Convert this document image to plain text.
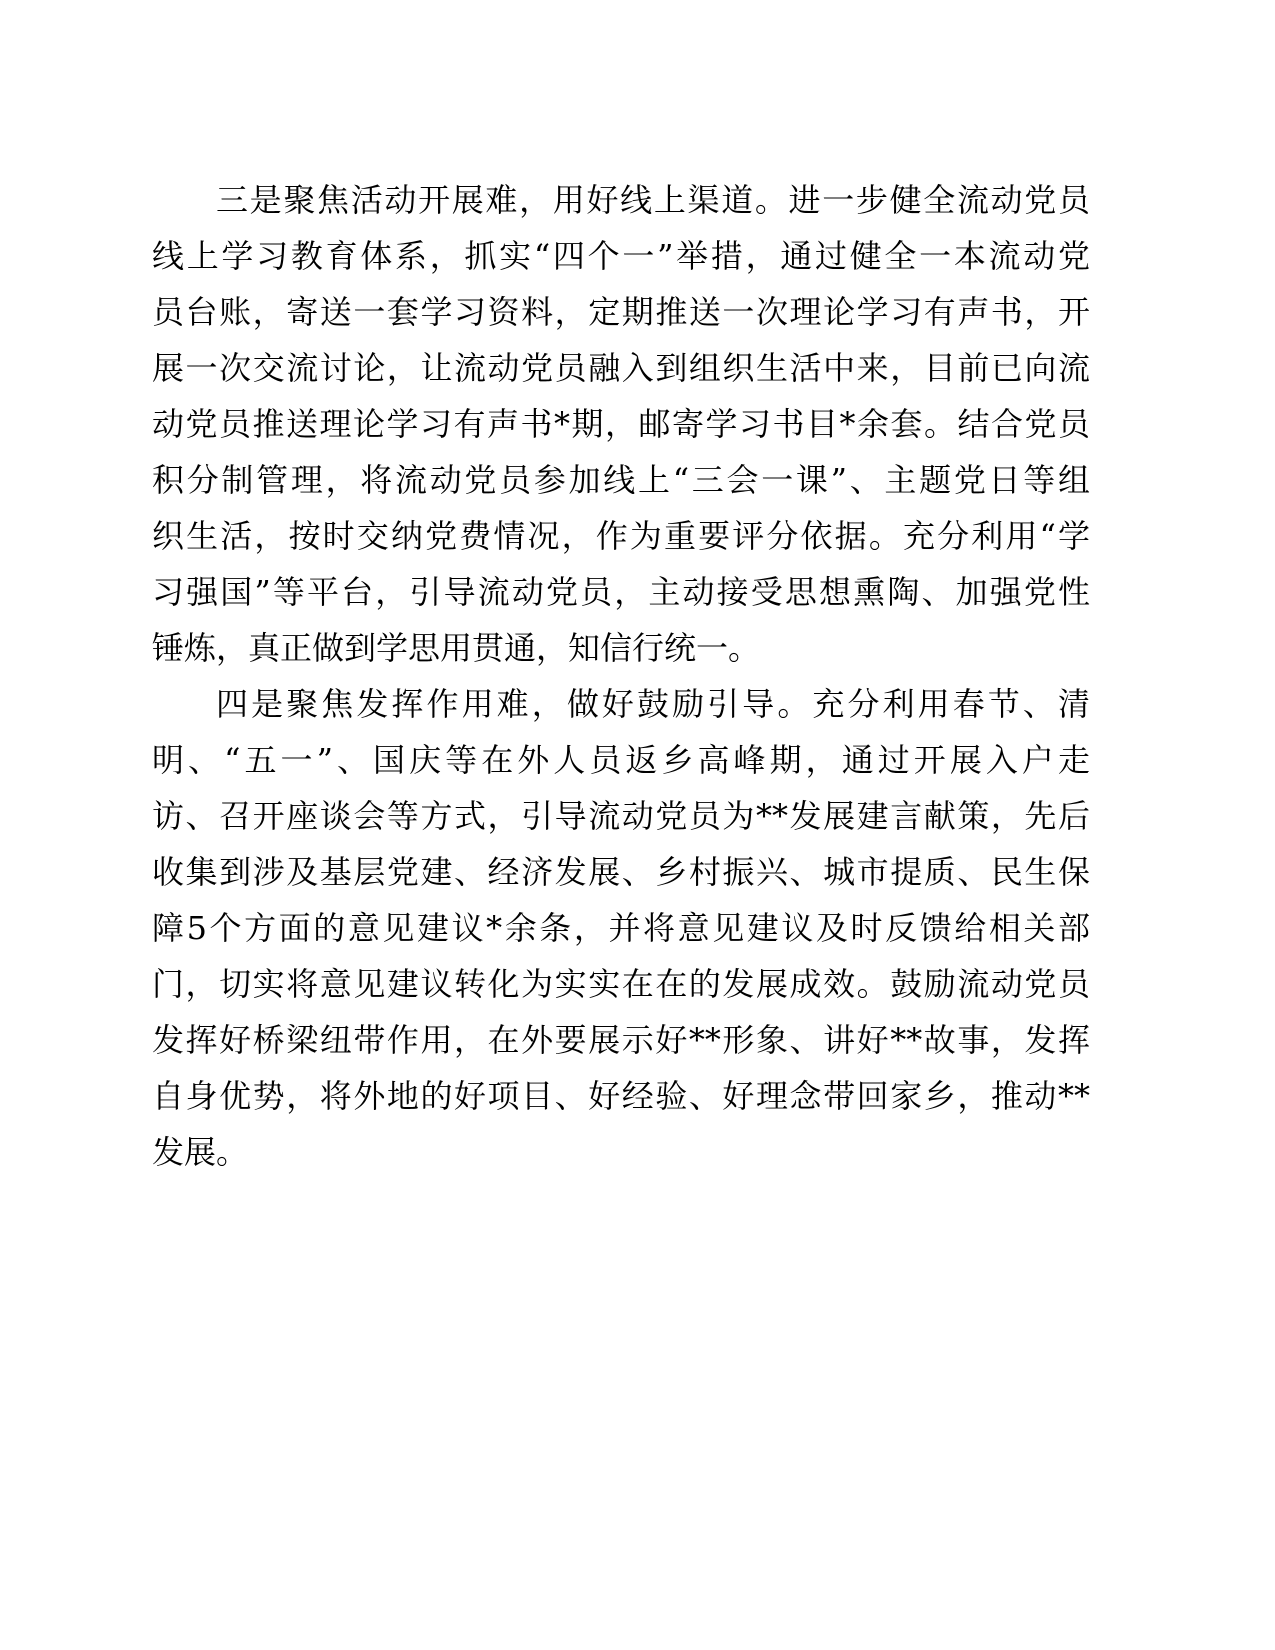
三是聚焦活动开展难，用好线上渠道。进一步健全流动党员
线上学习教育体系，抓实“四个一”举措，通过健全一本流动党
员台账，寄送一套学习资料，定期推送一次理论学习有声书，开
展一次交流讨论，让流动党员融入到组织生活中来，目前已向流
动党员推送理论学习有声书*期，邮寄学习书目*余套。结合党员
积分制管理，将流动党员参加线上“三会一课”、主题党日等组
织生活，按时交纳党费情况，作为重要评分依据。充分利用“学
习强国”等平台，引导流动党员，主动接受思想熏陶、加强党性
锤炼，真正做到学思用贯通，知信行统一。
四是聚焦发挥作用难，做好鼓励引导。充分利用春节、清
明、“五一”、国庆等在外人员返乡高峰期，通过开展入户走
访、召开座谈会等方式，引导流动党员为**发展建言献策，先后
收集到涉及基层党建、经济发展、乡村振兴、城市提质、民生保
障5个方面的意见建议*余条，并将意见建议及时反馈给相关部
门，切实将意见建议转化为实实在在的发展成效。鼓励流动党员
发挥好桥梁纽带作用，在外要展示好**形象、讲好**故事，发挥
自身优势，将外地的好项目、好经验、好理念带回家乡，推动**
发展。
